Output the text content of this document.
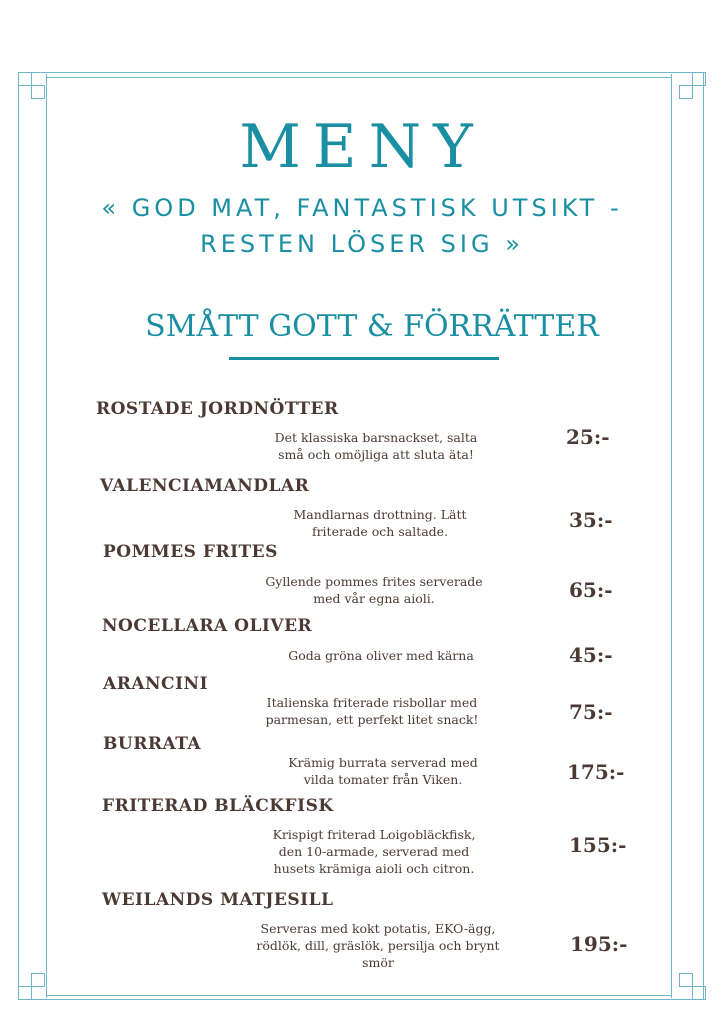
MENY
« GOD MAT, FANTASTISK UTSIKT -
RESTEN LÖSER SIG »
SMÅTT GOTT & FÖRRÄTTER
ROSTADE JORDNÖTTER
Det klassiska barsnackset, salta
små och omöjliga att sluta äta!
25:-
VALENCIAMANDLAR
Mandlarnas drottning. Lätt
friterade och saltade.	35:-
POMMES FRITES
Gyllende pommes frites serverade
med vår egna aioli.	65:-
NOCELLARA OLIVER
Goda gröna oliver med kärna	45:-
ARANCINI
Italienska friterade risbollar med
parmesan, ett perfekt litet snack!	75:-
BURRATA
Krämig burrata serverad med
vilda tomater från Viken.	175:-
FRITERAD BLÄCKFISK
Krispigt friterad Loigobläckfisk,
den 10-armade, serverad med
husets krämiga aioli och citron.
155:-
WEILANDS MATJESILL
Serveras med kokt potatis, EKO-ägg,
rödlök, dill, gräslök, persilja och brynt
smör
195:-
